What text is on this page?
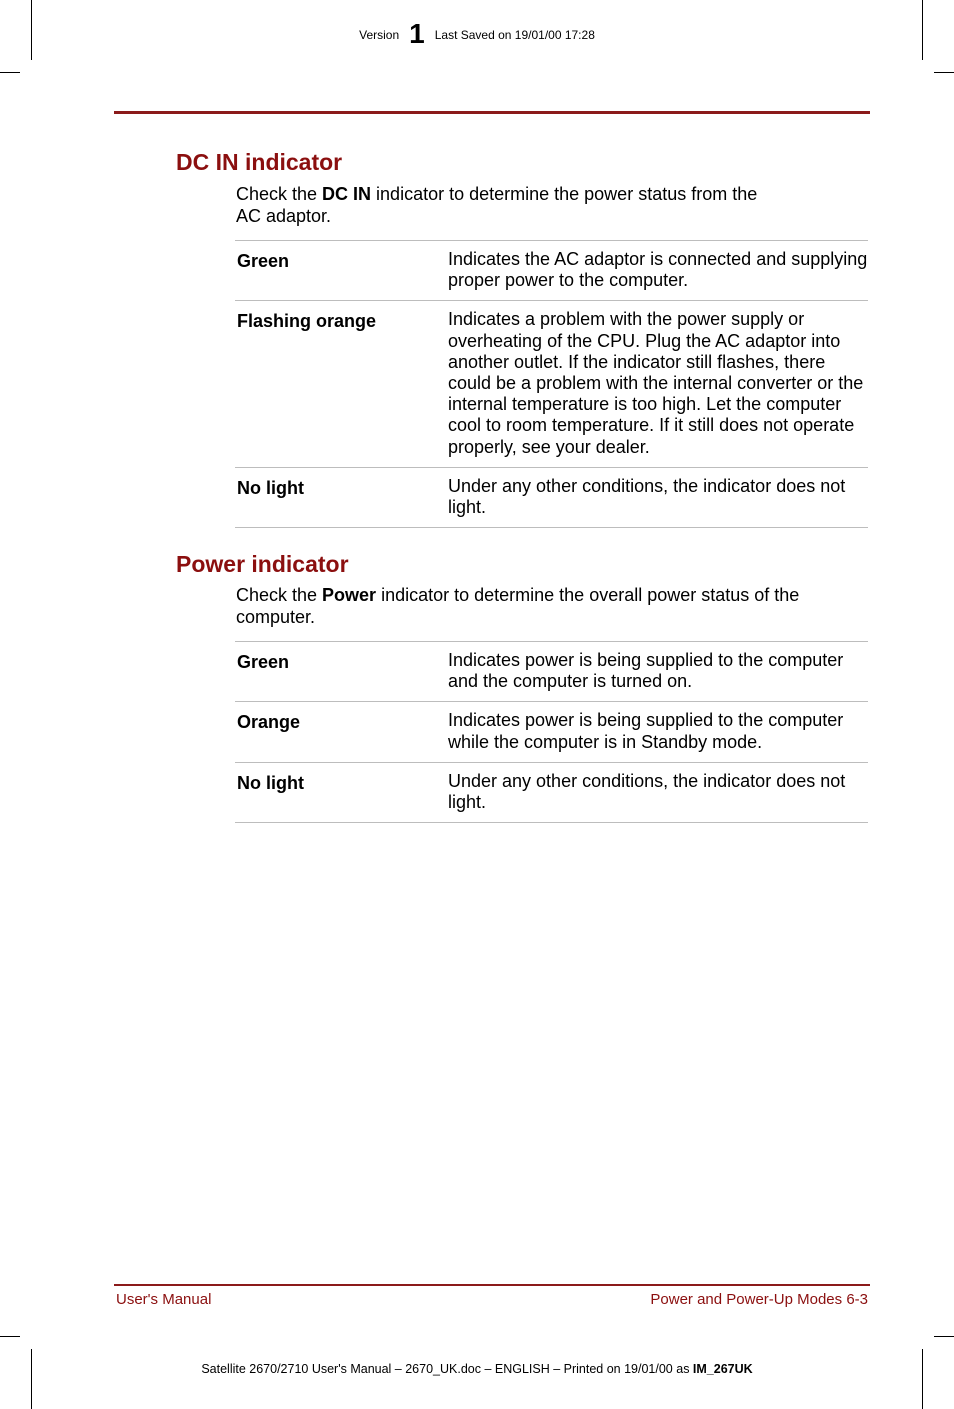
Version 1 Last Saved on 19/01/00 17:28
DC IN indicator

Check the DC IN indicator to determine the power status from the
AC adaptor.

Green	Indicates the AC adaptor is connected and supplying proper power to the computer.
Flashing orange	Indicates a problem with the power supply or overheating of the CPU. Plug the AC adaptor into another outlet. If the indicator still flashes, there could be a problem with the internal converter or the internal temperature is too high. Let the computer cool to room temperature. If it still does not operate properly, see your dealer.
No light	Under any other conditions, the indicator does not light.
Power indicator

Check the Power indicator to determine the overall power status of the computer.

Green	Indicates power is being supplied to the computer and the computer is turned on.
Orange	Indicates power is being supplied to the computer while the computer is in Standby mode.
No light	Under any other conditions, the indicator does not light.
User's Manual	Power and Power-Up Modes 6-3
Satellite 2670/2710 User's Manual – 2670_UK.doc – ENGLISH – Printed on 19/01/00 as IM_267UK
